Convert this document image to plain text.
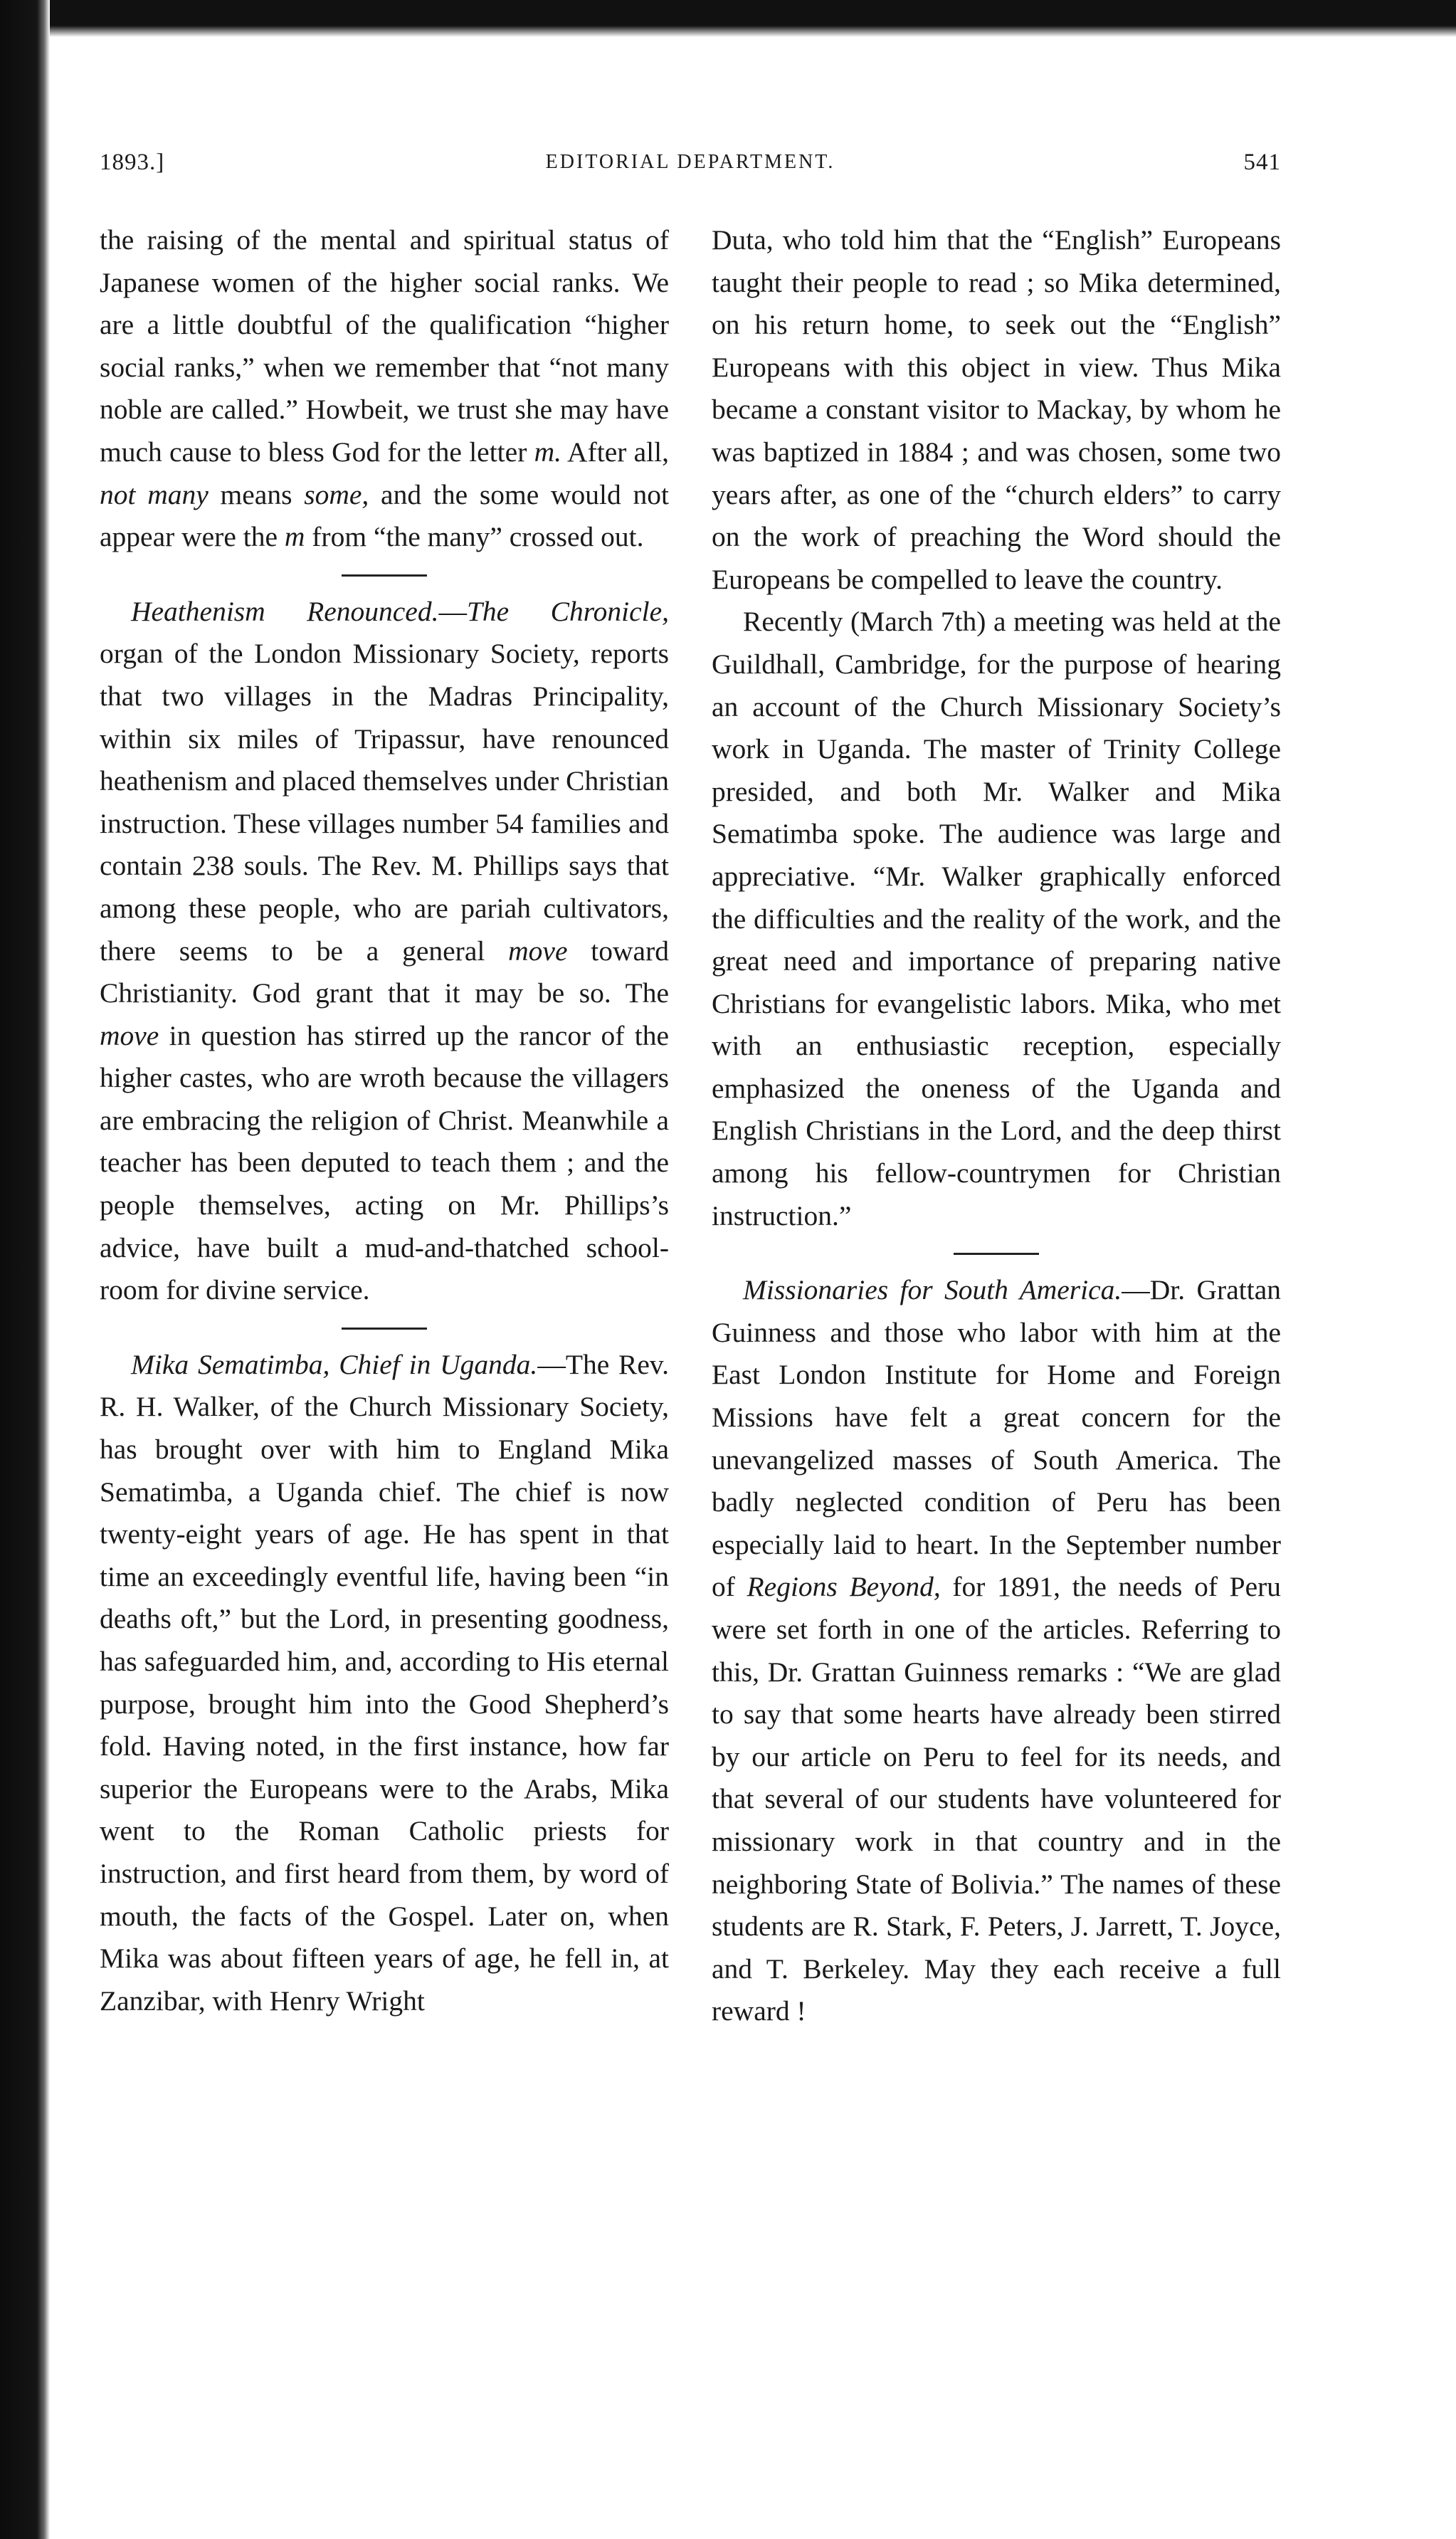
1893.]	EDITORIAL DEPARTMENT.	541

the raising of the mental and spiritual status of Japanese women of the higher social ranks. We are a little doubtful of the qualification “higher social ranks,” when we remember that “not many noble are called.” Howbeit, we trust she may have much cause to bless God for the letter m. After all, not many means some, and the some would not appear were the m from “the many” crossed out.

Heathenism Renounced.—The Chronicle, organ of the London Missionary Society, reports that two villages in the Madras Principality, within six miles of Tripassur, have renounced heathenism and placed themselves under Christian instruction. These villages number 54 families and contain 238 souls. The Rev. M. Phillips says that among these people, who are pariah cultivators, there seems to be a general move toward Christianity. God grant that it may be so. The move in question has stirred up the rancor of the higher castes, who are wroth because the villagers are embracing the religion of Christ. Meanwhile a teacher has been deputed to teach them ; and the people themselves, acting on Mr. Phillips’s advice, have built a mud-and-thatched school-room for divine service.

Mika Sematimba, Chief in Uganda.—The Rev. R. H. Walker, of the Church Missionary Society, has brought over with him to England Mika Sematimba, a Uganda chief. The chief is now twenty-eight years of age. He has spent in that time an exceedingly eventful life, having been “in deaths oft,” but the Lord, in presenting goodness, has safeguarded him, and, according to His eternal purpose, brought him into the Good Shepherd’s fold. Having noted, in the first instance, how far superior the Europeans were to the Arabs, Mika went to the Roman Catholic priests for instruction, and first heard from them, by word of mouth, the facts of the Gospel. Later on, when Mika was about fifteen years of age, he fell in, at Zanzibar, with Henry Wright

Duta, who told him that the “English” Europeans taught their people to read ; so Mika determined, on his return home, to seek out the “English” Europeans with this object in view. Thus Mika became a constant visitor to Mackay, by whom he was baptized in 1884 ; and was chosen, some two years after, as one of the “church elders” to carry on the work of preaching the Word should the Europeans be compelled to leave the country.

Recently (March 7th) a meeting was held at the Guildhall, Cambridge, for the purpose of hearing an account of the Church Missionary Society’s work in Uganda. The master of Trinity College presided, and both Mr. Walker and Mika Sematimba spoke. The audience was large and appreciative. “Mr. Walker graphically enforced the difficulties and the reality of the work, and the great need and importance of preparing native Christians for evangelistic labors. Mika, who met with an enthusiastic reception, especially emphasized the oneness of the Uganda and English Christians in the Lord, and the deep thirst among his fellow-countrymen for Christian instruction.”

Missionaries for South America.—Dr. Grattan Guinness and those who labor with him at the East London Institute for Home and Foreign Missions have felt a great concern for the unevangelized masses of South America. The badly neglected condition of Peru has been especially laid to heart. In the September number of Regions Beyond, for 1891, the needs of Peru were set forth in one of the articles. Referring to this, Dr. Grattan Guinness remarks : “We are glad to say that some hearts have already been stirred by our article on Peru to feel for its needs, and that several of our students have volunteered for missionary work in that country and in the neighboring State of Bolivia.” The names of these students are R. Stark, F. Peters, J. Jarrett, T. Joyce, and T. Berkeley. May they each receive a full reward !
